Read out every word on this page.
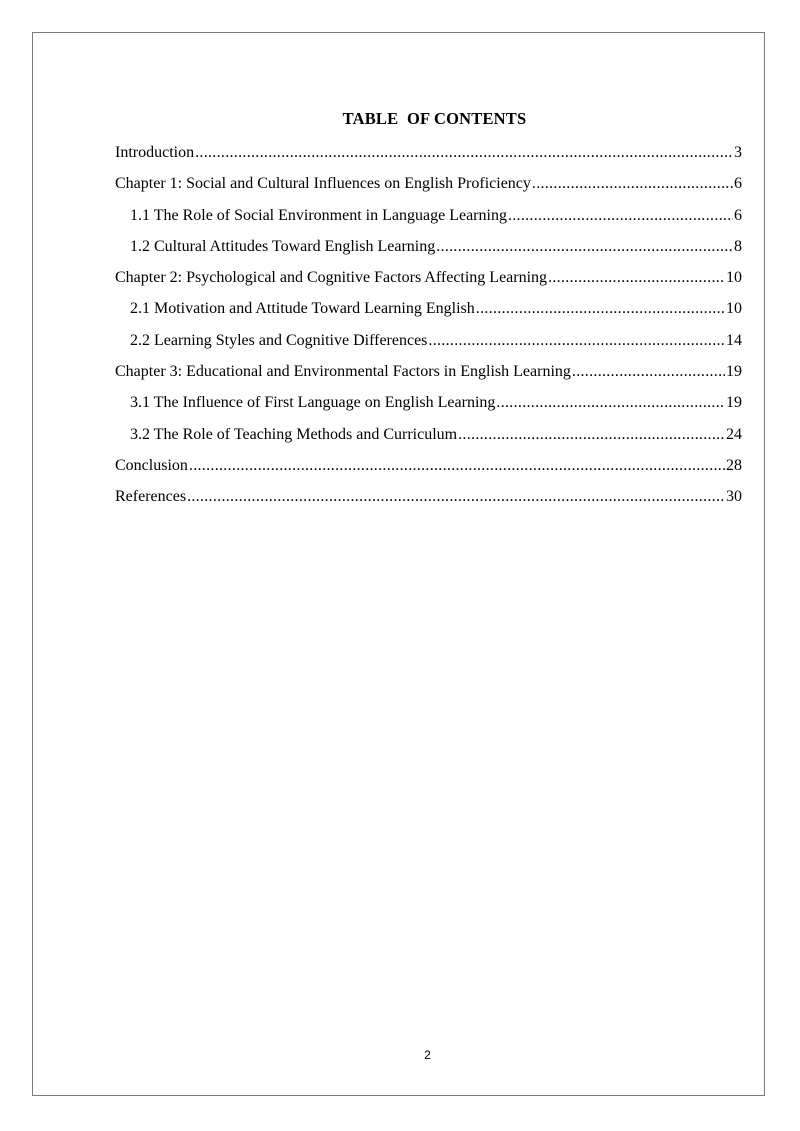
TABLE  OF CONTENTS
Introduction .....	3
Chapter 1: Social and Cultural Influences on English Proficiency .....	6
1.1 The Role of Social Environment in Language Learning .....	6
1.2 Cultural Attitudes Toward English Learning .....	8
Chapter 2: Psychological and Cognitive Factors Affecting Learning .....	10
2.1 Motivation and Attitude Toward Learning English .....	10
2.2 Learning Styles and Cognitive Differences .....	14
Chapter 3: Educational and Environmental Factors in English Learning .....	19
3.1 The Influence of First Language on English Learning .....	19
3.2 The Role of Teaching Methods and Curriculum .....	24
Conclusion .....	28
References .....	30
2
